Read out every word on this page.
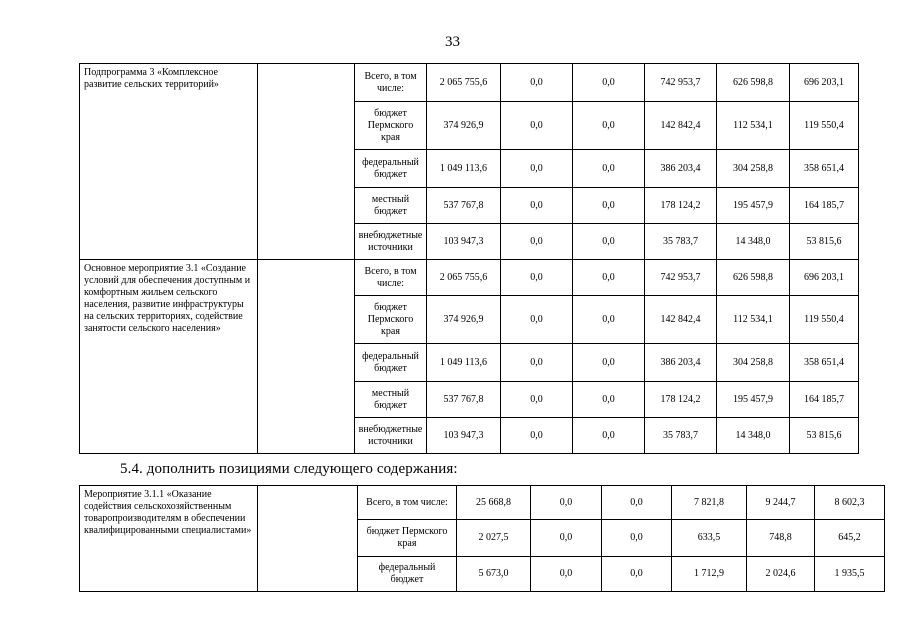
33
Подпрограмма 3 «Комплексное развитие сельских территорий»		Всего, в том числе:	2 065 755,6	0,0	0,0	742 953,7	626 598,8	696 203,1
		бюджет Пермского края	374 926,9	0,0	0,0	142 842,4	112 534,1	119 550,4
		федеральный бюджет	1 049 113,6	0,0	0,0	386 203,4	304 258,8	358 651,4
		местный бюджет	537 767,8	0,0	0,0	178 124,2	195 457,9	164 185,7
		внебюджетные источники	103 947,3	0,0	0,0	35 783,7	14 348,0	53 815,6
Основное мероприятие 3.1 «Создание условий для обеспечения доступным и комфортным жильем сельского населения, развитие инфраструктуры на сельских территориях, содействие занятости сельского населения»		Всего, в том числе:	2 065 755,6	0,0	0,0	742 953,7	626 598,8	696 203,1
		бюджет Пермского края	374 926,9	0,0	0,0	142 842,4	112 534,1	119 550,4
		федеральный бюджет	1 049 113,6	0,0	0,0	386 203,4	304 258,8	358 651,4
		местный бюджет	537 767,8	0,0	0,0	178 124,2	195 457,9	164 185,7
		внебюджетные источники	103 947,3	0,0	0,0	35 783,7	14 348,0	53 815,6
5.4. дополнить позициями следующего содержания:
Мероприятие 3.1.1 «Оказание содействия сельскохозяйственным товаропроизводителям в обеспечении квалифицированными специалистами»		Всего, в том числе:	25 668,8	0,0	0,0	7 821,8	9 244,7	8 602,3
		бюджет Пермского края	2 027,5	0,0	0,0	633,5	748,8	645,2
		федеральный бюджет	5 673,0	0,0	0,0	1 712,9	2 024,6	1 935,5
